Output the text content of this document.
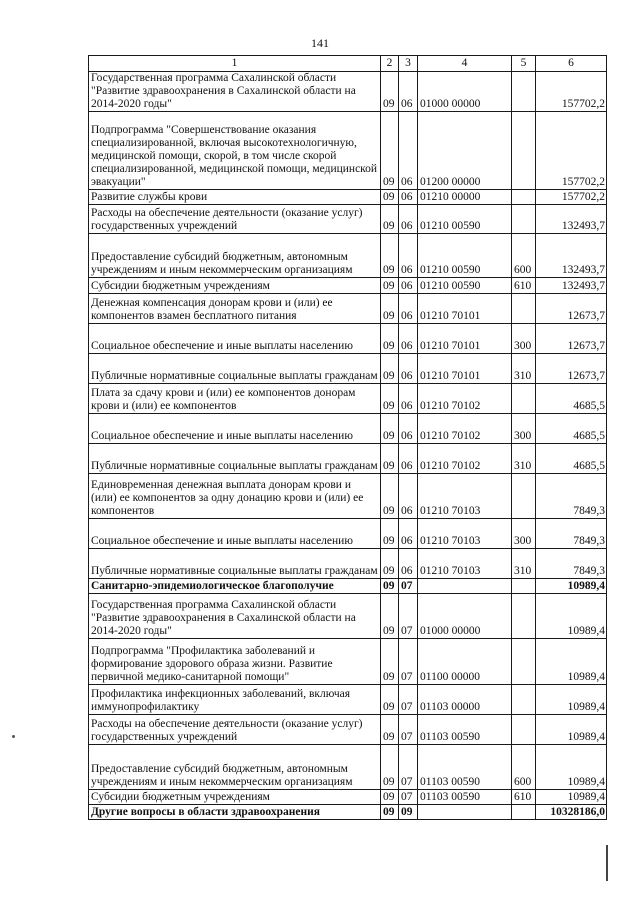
141
1	2	3	4	5	6
Государственная программа Сахалинской области "Развитие здравоохранения в Сахалинской области на 2014-2020 годы"	09	06	01000 00000		157702,2
Подпрограмма "Совершенствование оказания специализированной, включая высокотехнологичную, медицинской помощи, скорой, в том числе скорой специализированной, медицинской помощи, медицинской эвакуации"	09	06	01200 00000		157702,2
Развитие службы крови	09	06	01210 00000		157702,2
Расходы на обеспечение деятельности (оказание услуг) государственных учреждений	09	06	01210 00590		132493,7
Предоставление субсидий бюджетным, автономным учреждениям и иным некоммерческим организациям	09	06	01210 00590	600	132493,7
Субсидии бюджетным учреждениям	09	06	01210 00590	610	132493,7
Денежная компенсация донорам крови и (или) ее компонентов взамен бесплатного питания	09	06	01210 70101		12673,7
Социальное обеспечение и иные выплаты населению	09	06	01210 70101	300	12673,7
Публичные нормативные социальные выплаты гражданам	09	06	01210 70101	310	12673,7
Плата за сдачу крови и (или) ее компонентов донорам крови и (или) ее компонентов	09	06	01210 70102		4685,5
Социальное обеспечение и иные выплаты населению	09	06	01210 70102	300	4685,5
Публичные нормативные социальные выплаты гражданам	09	06	01210 70102	310	4685,5
Единовременная денежная выплата донорам крови и (или) ее компонентов за одну донацию крови и (или) ее компонентов	09	06	01210 70103		7849,3
Социальное обеспечение и иные выплаты населению	09	06	01210 70103	300	7849,3
Публичные нормативные социальные выплаты гражданам	09	06	01210 70103	310	7849,3
Санитарно-эпидемиологическое благополучие	09	07			10989,4
Государственная программа Сахалинской области "Развитие здравоохранения в Сахалинской области на 2014-2020 годы"	09	07	01000 00000		10989,4
Подпрограмма "Профилактика заболеваний и формирование здорового образа жизни. Развитие первичной медико-санитарной помощи"	09	07	01100 00000		10989,4
Профилактика инфекционных заболеваний, включая иммунопрофилактику	09	07	01103 00000		10989,4
Расходы на обеспечение деятельности (оказание услуг) государственных учреждений	09	07	01103 00590		10989,4
Предоставление субсидий бюджетным, автономным учреждениям и иным некоммерческим организациям	09	07	01103 00590	600	10989,4
Субсидии бюджетным учреждениям	09	07	01103 00590	610	10989,4
Другие вопросы в области здравоохранения	09	09			10328186,0
